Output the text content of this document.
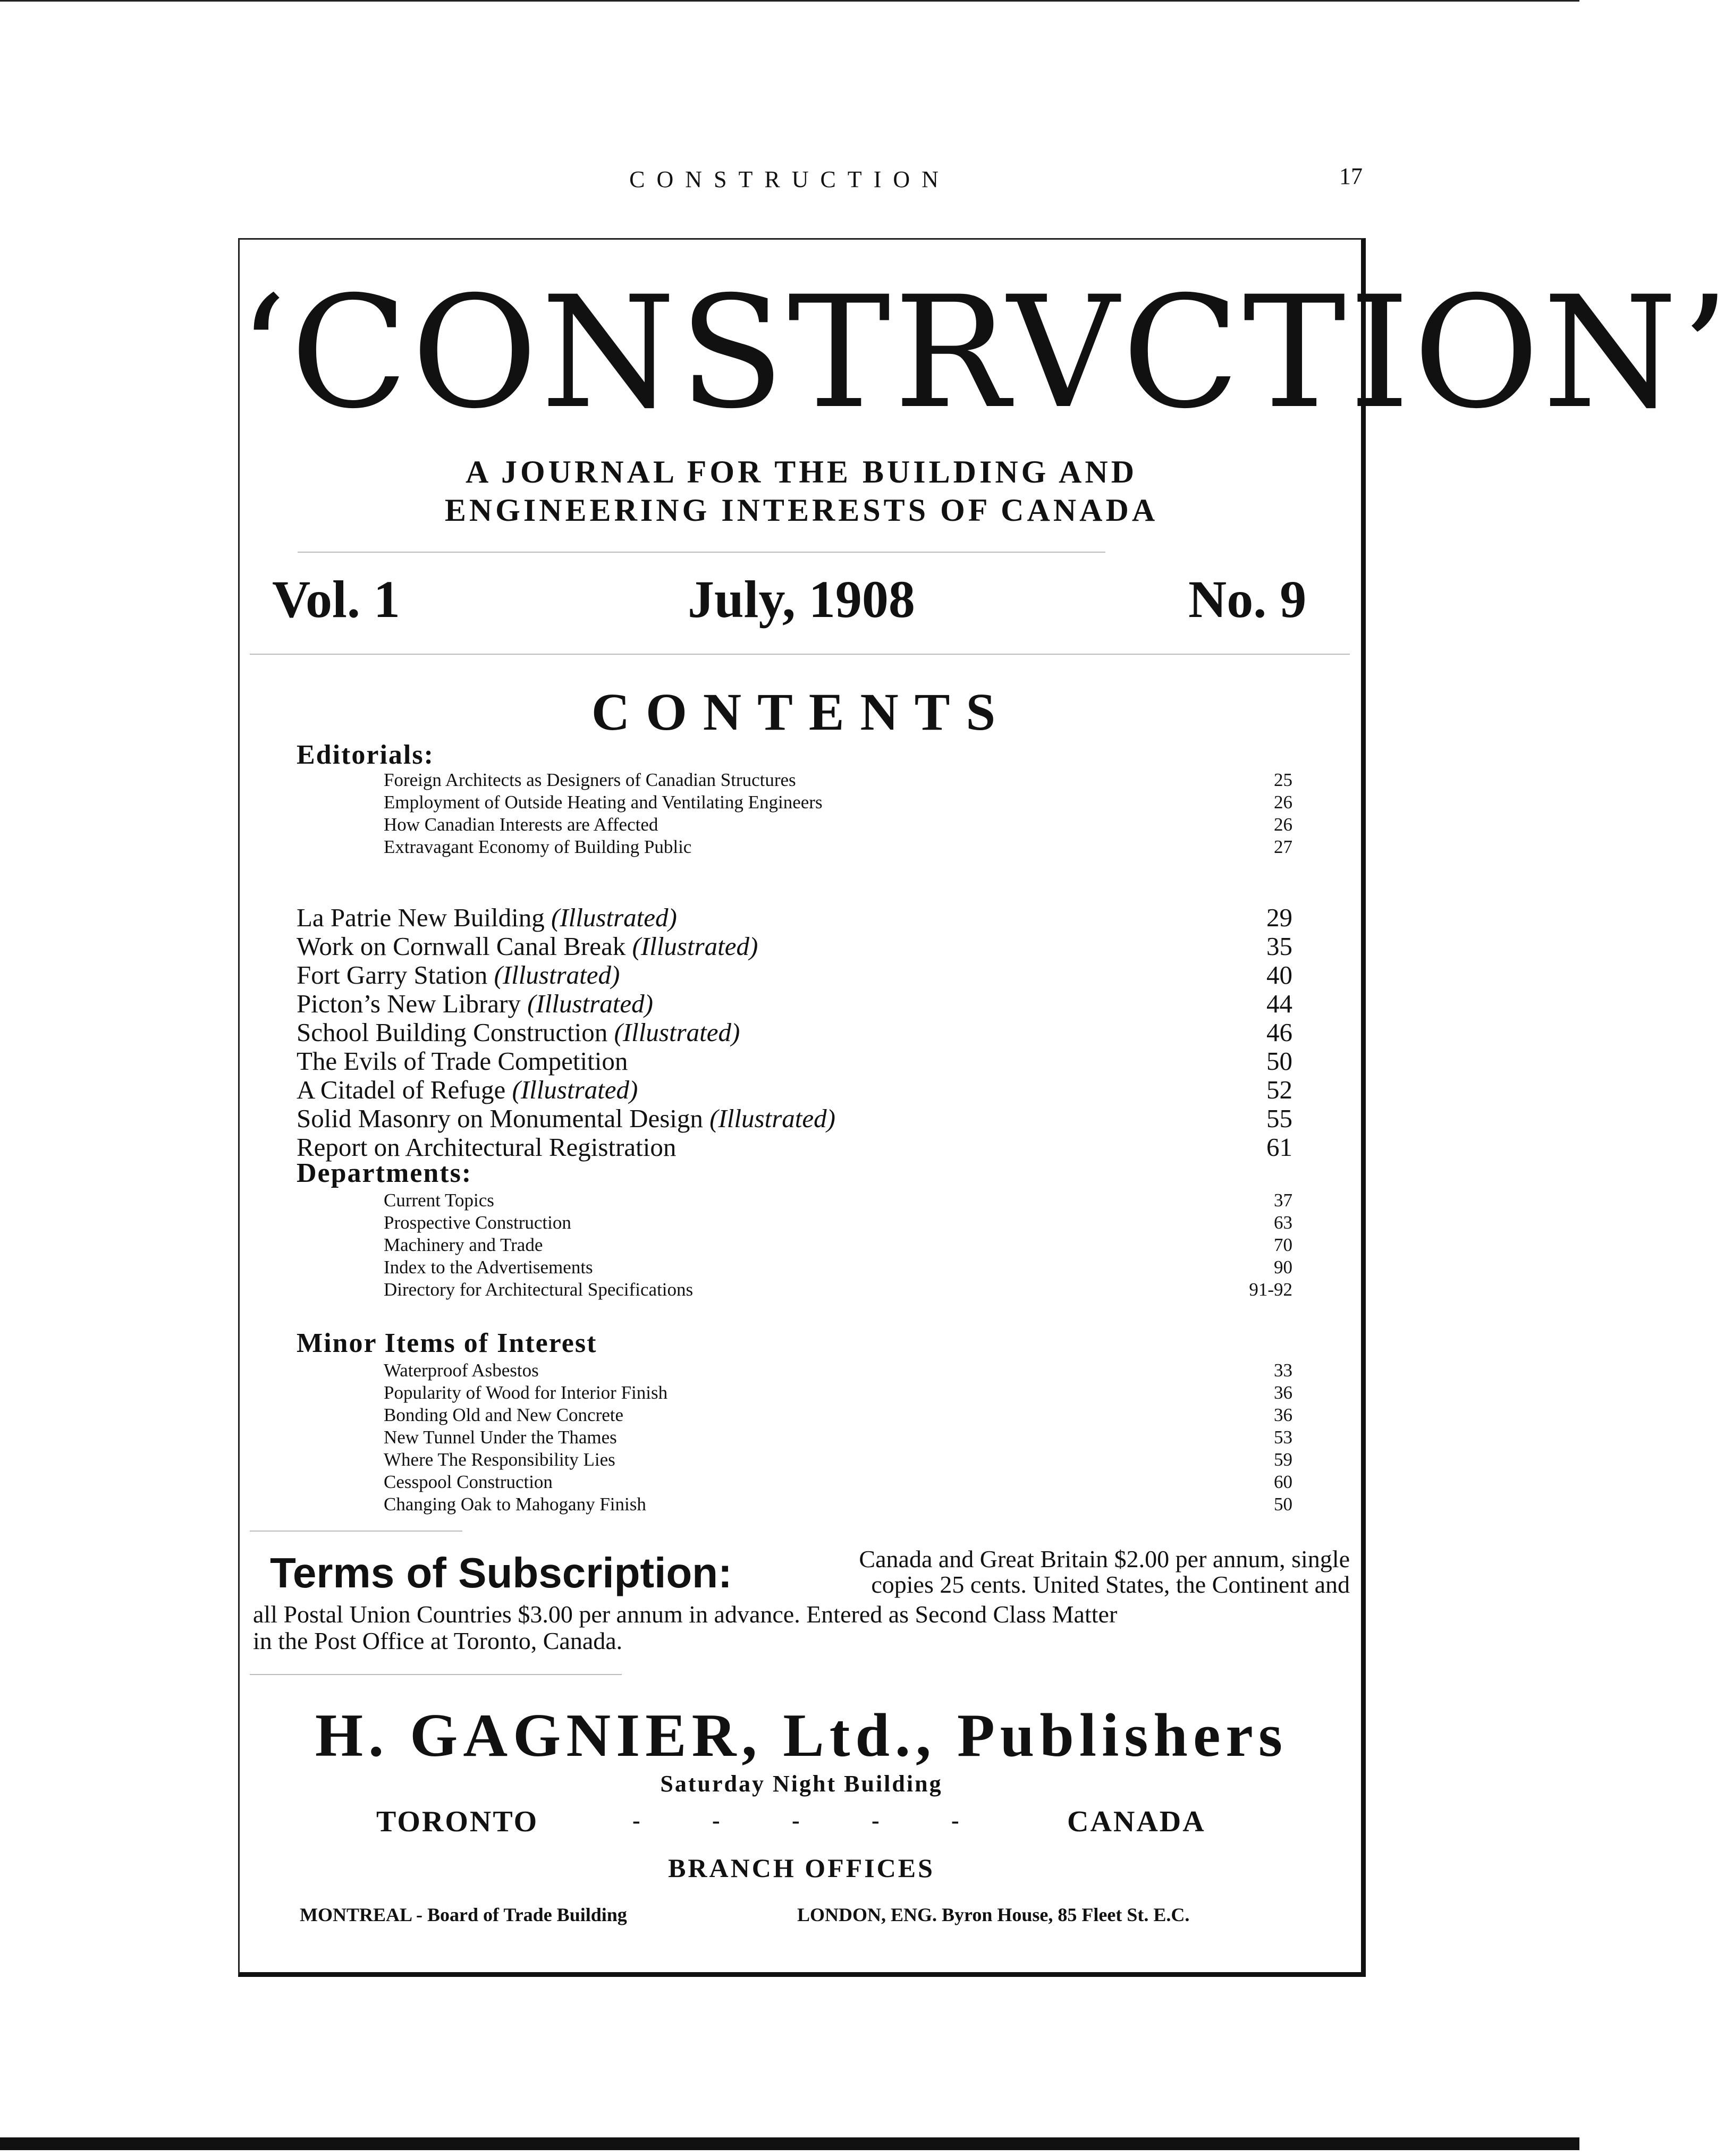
CONSTRUCTION	17
‘CONSTRVCTION’
A JOURNAL FOR THE BUILDING AND
ENGINEERING INTERESTS OF CANADA
Vol. 1	July, 1908	No. 9
CONTENTS
Editorials:
Foreign Architects as Designers of Canadian Structures	25
Employment of Outside Heating and Ventilating Engineers	26
How Canadian Interests are Affected	26
Extravagant Economy of Building Public	27
La Patrie New Building (Illustrated)	29
Work on Cornwall Canal Break (Illustrated)	35
Fort Garry Station (Illustrated)	40
Picton’s New Library (Illustrated)	44
School Building Construction (Illustrated)	46
The Evils of Trade Competition	50
A Citadel of Refuge (Illustrated)	52
Solid Masonry on Monumental Design (Illustrated)	55
Report on Architectural Registration	61
Departments:
Current Topics	37
Prospective Construction	63
Machinery and Trade	70
Index to the Advertisements	90
Directory for Architectural Specifications	91-92
Minor Items of Interest
Waterproof Asbestos	33
Popularity of Wood for Interior Finish	36
Bonding Old and New Concrete	36
New Tunnel Under the Thames	53
Where The Responsibility Lies	59
Cesspool Construction	60
Changing Oak to Mahogany Finish	50
Terms of Subscription:	Canada and Great Britain $2.00 per annum, single
copies 25 cents. United States, the Continent and
all Postal Union Countries $3.00 per annum in advance. Entered as Second Class Matter
in the Post Office at Toronto, Canada.
H. GAGNIER, Ltd., Publishers
Saturday Night Building
TORONTO	-	-	-	-	-	CANADA
BRANCH OFFICES
MONTREAL - Board of Trade Building	LONDON, ENG. Byron House, 85 Fleet St. E.C.
